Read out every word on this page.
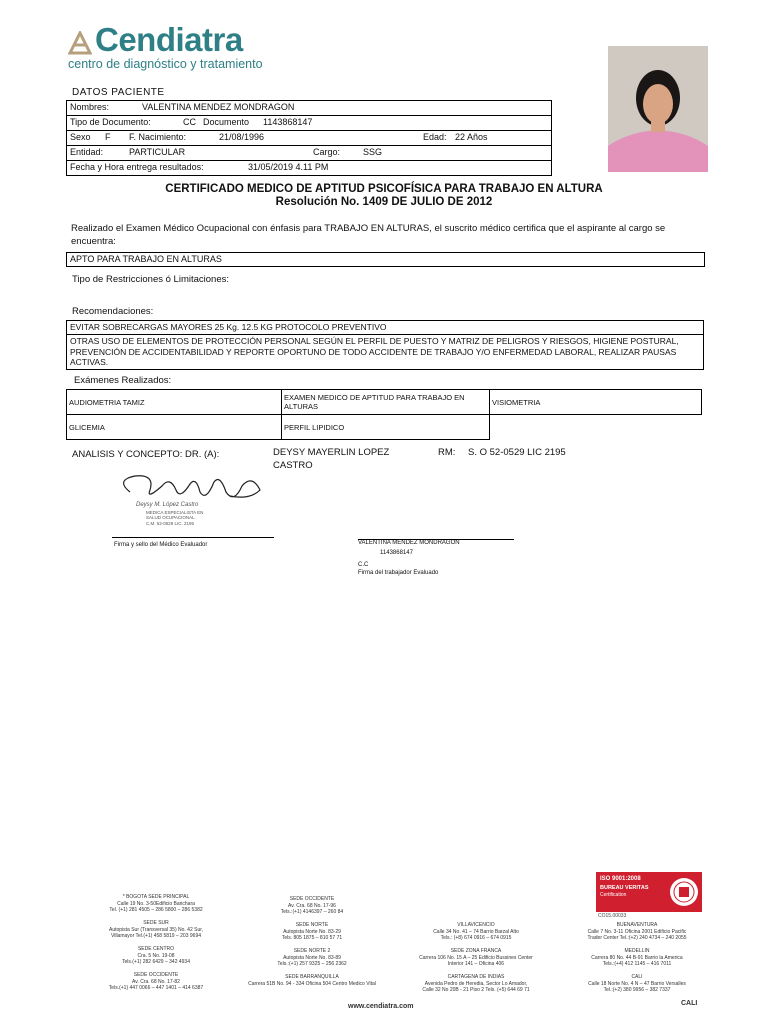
Cendiatra
centro de diagnóstico y tratamiento
DATOS PACIENTE
Nombres:	VALENTINA MENDEZ MONDRAGON
Tipo de Documento:	CC Documento 1143868147
Sexo F F. Nacimiento:	21/08/1996	Edad: 22 Años
Entidad:	PARTICULAR	Cargo:	SSG
Fecha y Hora entrega resultados:	31/05/2019 4.11 PM
CERTIFICADO MEDICO DE APTITUD PSICOFÍSICA PARA TRABAJO EN ALTURA
Resolución No. 1409 DE JULIO DE 2012
Realizado el Examen Médico Ocupacional con énfasis para TRABAJO EN ALTURAS, el suscrito médico certifica que el aspirante al cargo se encuentra:
APTO PARA TRABAJO EN ALTURAS
Tipo de Restricciones ó Limitaciones:
Recomendaciones:
EVITAR SOBRECARGAS MAYORES 25 Kg. 12.5 KG PROTOCOLO PREVENTIVO
OTRAS USO DE ELEMENTOS DE PROTECCIÓN PERSONAL SEGÚN EL PERFIL DE PUESTO Y MATRIZ DE PELIGROS Y RIESGOS, HIGIENE POSTURAL, PREVENCIÓN DE ACCIDENTABILIDAD Y REPORTE OPORTUNO DE TODO ACCIDENTE DE TRABAJO Y/O ENFERMEDAD LABORAL, REALIZAR PAUSAS ACTIVAS.
Exámenes Realizados:
AUDIOMETRIA TAMIZ	EXAMEN MEDICO DE APTITUD PARA TRABAJO EN ALTURAS	VISIOMETRIA
GLICEMIA	PERFIL LIPIDICO	
ANALISIS Y CONCEPTO: DR. (A):	DEYSY MAYERLIN LOPEZ CASTRO
RM: S. O 52-0529 LIC 2195
Deysy M. López Castro
MEDICA ESPECIALISTA EN SALUD OCUPACIONAL
C.M. 52-0529 LIC. 2195
Firma y sello del Médico Evaluador	VALENTINA MENDEZ MONDRAGON
1143868147
C.C
Firma del trabajador Evaluado
* BOGOTA SEDE PRINCIPAL
Calle 19 No. 3-50Edificio Barichara
Tel. (+1) 281 4505 – 286 5800 – 286 5382

SEDE SUR
Autopista Sur (Transversal 35) No. 42 Sur,
Villamayor Tel.(+1) 458 5819 – 203 9694

SEDE CENTRO
Cra. 5 No. 19-08
Tels.(+1) 282 6429 – 342 4934

SEDE OCCIDENTE
Av. Cra. 68 No. 17-82
Tels.(+1) 447 0066 – 447 1401 – 414 6387
SEDE OCCIDENTE
Av. Cra. 68 No. 17-96
Tels.:(+1) 4146397 – 260 84

SEDE NORTE
Autopista Norte No. 83-29
Tels. 805 1875 – 810 57 71

SEDE NORTE 2
Autopista Norte No. 83-89
Tels.:(+1) 257 9325 – 256 2362

SEDE BARRANQUILLA
Carrera 51B No. 94 - 334 Oficina 504 Centro Medico Vital
VILLAVICENCIO
Calle 34 No. 41 – 74 Barrio Barzal Alto
Tels.: (+8) 674 0916 – 674 0915

SEDE ZONA FRANCA
Carrera 106 No. 15 A – 25 Edificio Bussines Center
Interior 141 – Oficina 406

CARTAGENA DE INDIAS
Avenida Pedro de Heredia, Sector Lo Amador,
Calle 32 No 20B - 21 Piso 2 Tels. (+5) 644 69 71
BUENAVENTURA
Calle 7 No. 3-11 Oficina 2001 Edificio Pacific
Trader Center Tel.:(+2) 240 4734 – 240 2055

MEDELLIN
Carrera 80 No. 44 B-91 Barrio la America
Tels.:(+4) 412 1145 – 416 7011

CALI
Calle 18 Norte No. 4 N – 47 Barrio Versalles
Tel.:(+2) 380 9956 – 382 7337
ISO 9001:2008
BUREAU VERITAS
Certification
CO15.00033
www.cendiatra.com	CALI
